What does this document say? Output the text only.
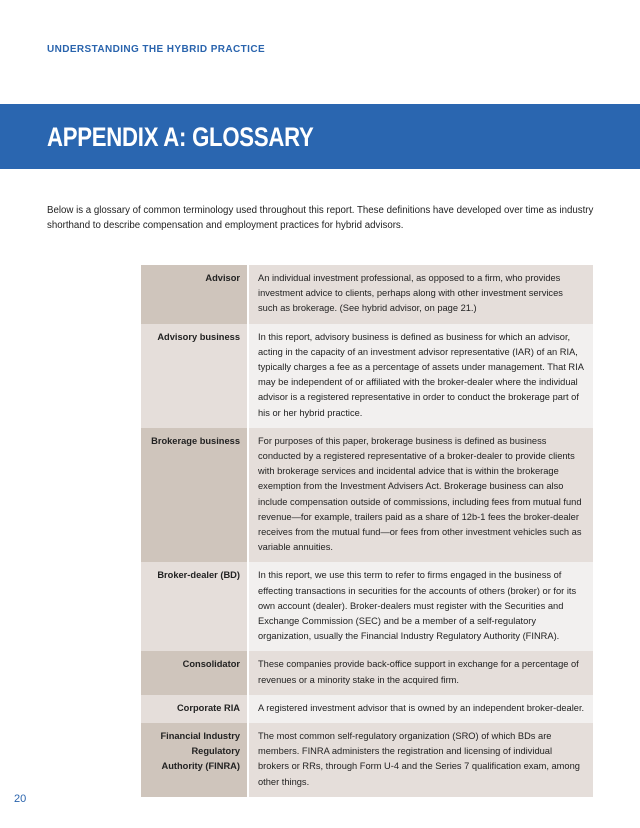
UNDERSTANDING THE HYBRID PRACTICE
APPENDIX A: GLOSSARY

Below is a glossary of common terminology used throughout this report. These definitions have developed over time as industry shorthand to describe compensation and employment practices for hybrid advisors.

Advisor	An individual investment professional, as opposed to a firm, who provides investment advice to clients, perhaps along with other investment services such as brokerage. (See hybrid advisor, on page 21.)
Advisory business	In this report, advisory business is defined as business for which an advisor, acting in the capacity of an investment advisor representative (IAR) of an RIA, typically charges a fee as a percentage of assets under management. That RIA may be independent of or affiliated with the broker-dealer where the individual advisor is a registered representative in order to conduct the brokerage part of his or her hybrid practice.
Brokerage business	For purposes of this paper, brokerage business is defined as business conducted by a registered representative of a broker-dealer to provide clients with brokerage services and incidental advice that is within the brokerage exemption from the Investment Advisers Act. Brokerage business can also include compensation outside of commissions, including fees from mutual fund revenue—for example, trailers paid as a share of 12b-1 fees the broker-dealer receives from the mutual fund—or fees from other investment vehicles such as variable annuities.
Broker-dealer (BD)	In this report, we use this term to refer to firms engaged in the business of effecting transactions in securities for the accounts of others (broker) or for its own account (dealer). Broker-dealers must register with the Securities and Exchange Commission (SEC) and be a member of a self-regulatory organization, usually the Financial Industry Regulatory Authority (FINRA).
Consolidator	These companies provide back-office support in exchange for a percentage of revenues or a minority stake in the acquired firm.
Corporate RIA	A registered investment advisor that is owned by an independent broker-dealer.
Financial Industry Regulatory Authority (FINRA)	The most common self-regulatory organization (SRO) of which BDs are members. FINRA administers the registration and licensing of individual brokers or RRs, through Form U-4 and the Series 7 qualification exam, among other things.
20
